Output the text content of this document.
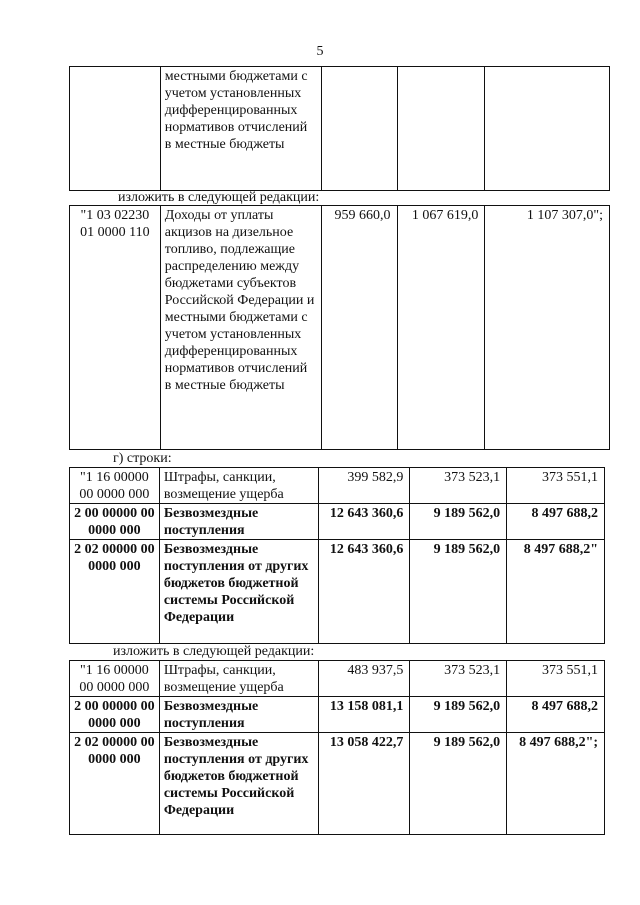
5
	местными бюджетами с учетом установленных дифференцированных нормативов отчислений в местные бюджеты			
изложить в следующей редакции:
"1 03 02230 01 0000 110	Доходы от уплаты акцизов на дизельное топливо, подлежащие распределению между бюджетами субъектов Российской Федерации и местными бюджетами с учетом установленных дифференцированных нормативов отчислений в местные бюджеты	959 660,0	1 067 619,0	1 107 307,0";
г) строки:
"1 16 00000 00 0000 000	Штрафы, санкции, возмещение ущерба	399 582,9	373 523,1	373 551,1
2 00 00000 00 0000 000	Безвозмездные поступления	12 643 360,6	9 189 562,0	8 497 688,2
2 02 00000 00 0000 000	Безвозмездные поступления от других бюджетов бюджетной системы Российской Федерации	12 643 360,6	9 189 562,0	8 497 688,2"
изложить в следующей редакции:
"1 16 00000 00 0000 000	Штрафы, санкции, возмещение ущерба	483 937,5	373 523,1	373 551,1
2 00 00000 00 0000 000	Безвозмездные поступления	13 158 081,1	9 189 562,0	8 497 688,2
2 02 00000 00 0000 000	Безвозмездные поступления от других бюджетов бюджетной системы Российской Федерации	13 058 422,7	9 189 562,0	8 497 688,2";
